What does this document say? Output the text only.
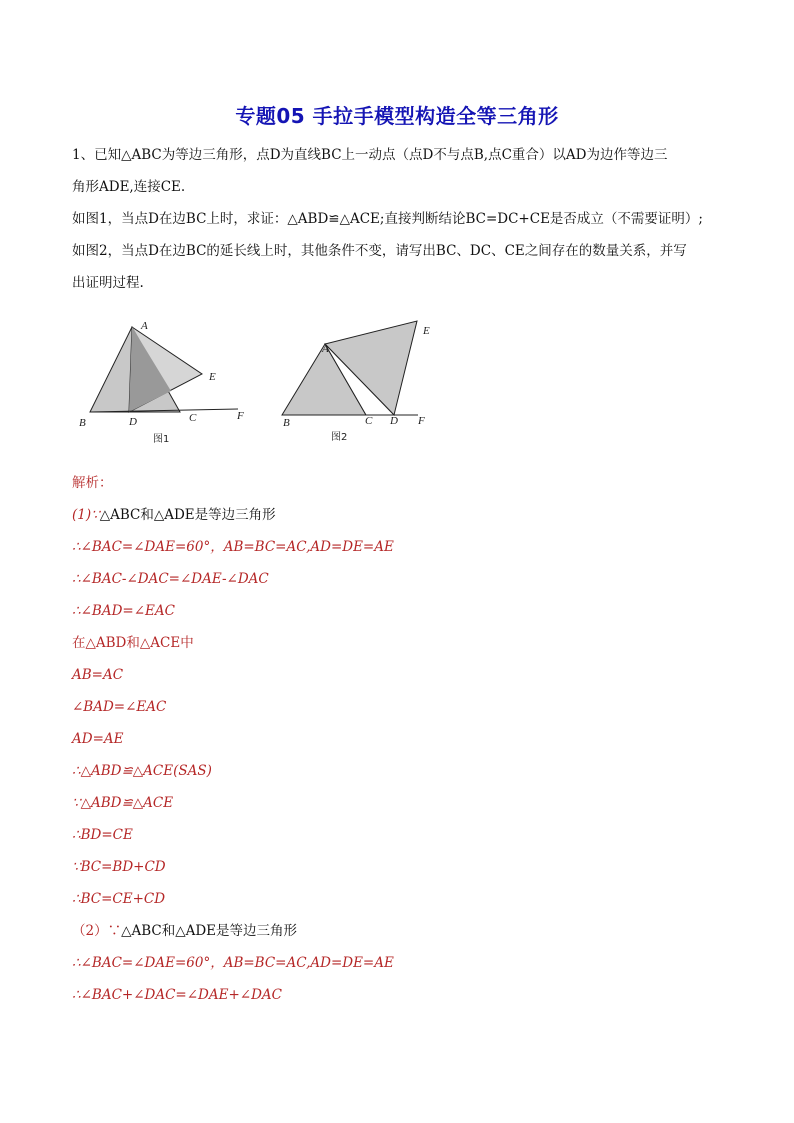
专题05 手拉手模型构造全等三角形
1、已知△ABC为等边三角形，点D为直线BC上一动点（点D不与点B,点C重合）以AD为边作等边三
角形ADE,连接CE.
如图1，当点D在边BC上时，求证：△ABD≌△ACE;直接判断结论BC=DC+CE是否成立（不需要证明）;
如图2，当点D在边BC的延长线上时，其他条件不变，请写出BC、DC、CE之间存在的数量关系，并写
出证明过程.
A
B	C
D
E
F
图1
A
B	C D
E
F
图2
解析：
(1)∵△ABC和△ADE是等边三角形
∴∠BAC=∠DAE=60°，AB=BC=AC,AD=DE=AE
∴∠BAC-∠DAC=∠DAE-∠DAC
∴∠BAD=∠EAC
在△ABD和△ACE中
AB=AC
∠BAD=∠EAC
AD=AE
∴△ABD≌△ACE(SAS)
∵△ABD≌△ACE
∴BD=CE
∵BC=BD+CD
∴BC=CE+CD
（2）∵△ABC和△ADE是等边三角形
∴∠BAC=∠DAE=60°，AB=BC=AC,AD=DE=AE
∴∠BAC+∠DAC=∠DAE+∠DAC
